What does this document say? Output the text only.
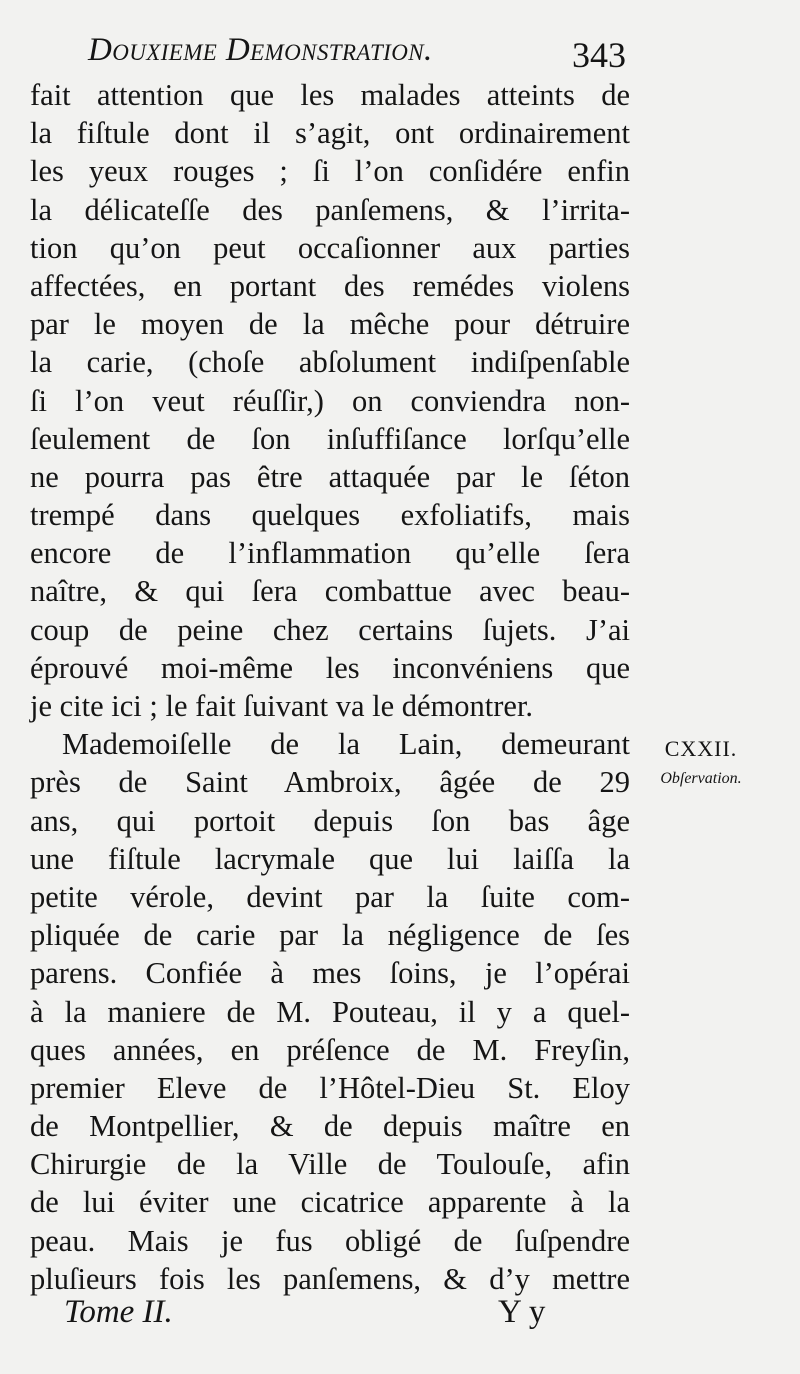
Douxieme Demonstration.	343
fait attention que les malades atteints de
la fiſtule dont il s’agit, ont ordinairement
les yeux rouges ; ſi l’on conſidére enfin
la délicateſſe des panſemens, & l’irrita-
tion qu’on peut occaſionner aux parties
affectées, en portant des remédes violens
par le moyen de la mêche pour détruire
la carie, (choſe abſolument indiſpenſable
ſi l’on veut réuſſir,) on conviendra non-
ſeulement de ſon inſuffiſance lorſqu’elle
ne pourra pas être attaquée par le ſéton
trempé dans quelques exfoliatifs, mais
encore de l’inflammation qu’elle ſera
naître, & qui ſera combattue avec beau-
coup de peine chez certains ſujets. J’ai
éprouvé moi-même les inconvéniens que
je cite ici ; le fait ſuivant va le démontrer.
Mademoiſelle de la Lain, demeurant
près de Saint Ambroix, âgée de 29
ans, qui portoit depuis ſon bas âge
une fiſtule lacrymale que lui laiſſa la
petite vérole, devint par la ſuite com-
pliquée de carie par la négligence de ſes
parens. Confiée à mes ſoins, je l’opérai
à la maniere de M. Pouteau, il y a quel-
ques années, en préſence de M. Freyſin,
premier Eleve de l’Hôtel-Dieu St. Eloy
de Montpellier, & de depuis maître en
Chirurgie de la Ville de Toulouſe, afin
de lui éviter une cicatrice apparente à la
peau. Mais je fus obligé de ſuſpendre
pluſieurs fois les panſemens, & d’y mettre
CXXII.
Obſervation.
Tome II.	Y y
